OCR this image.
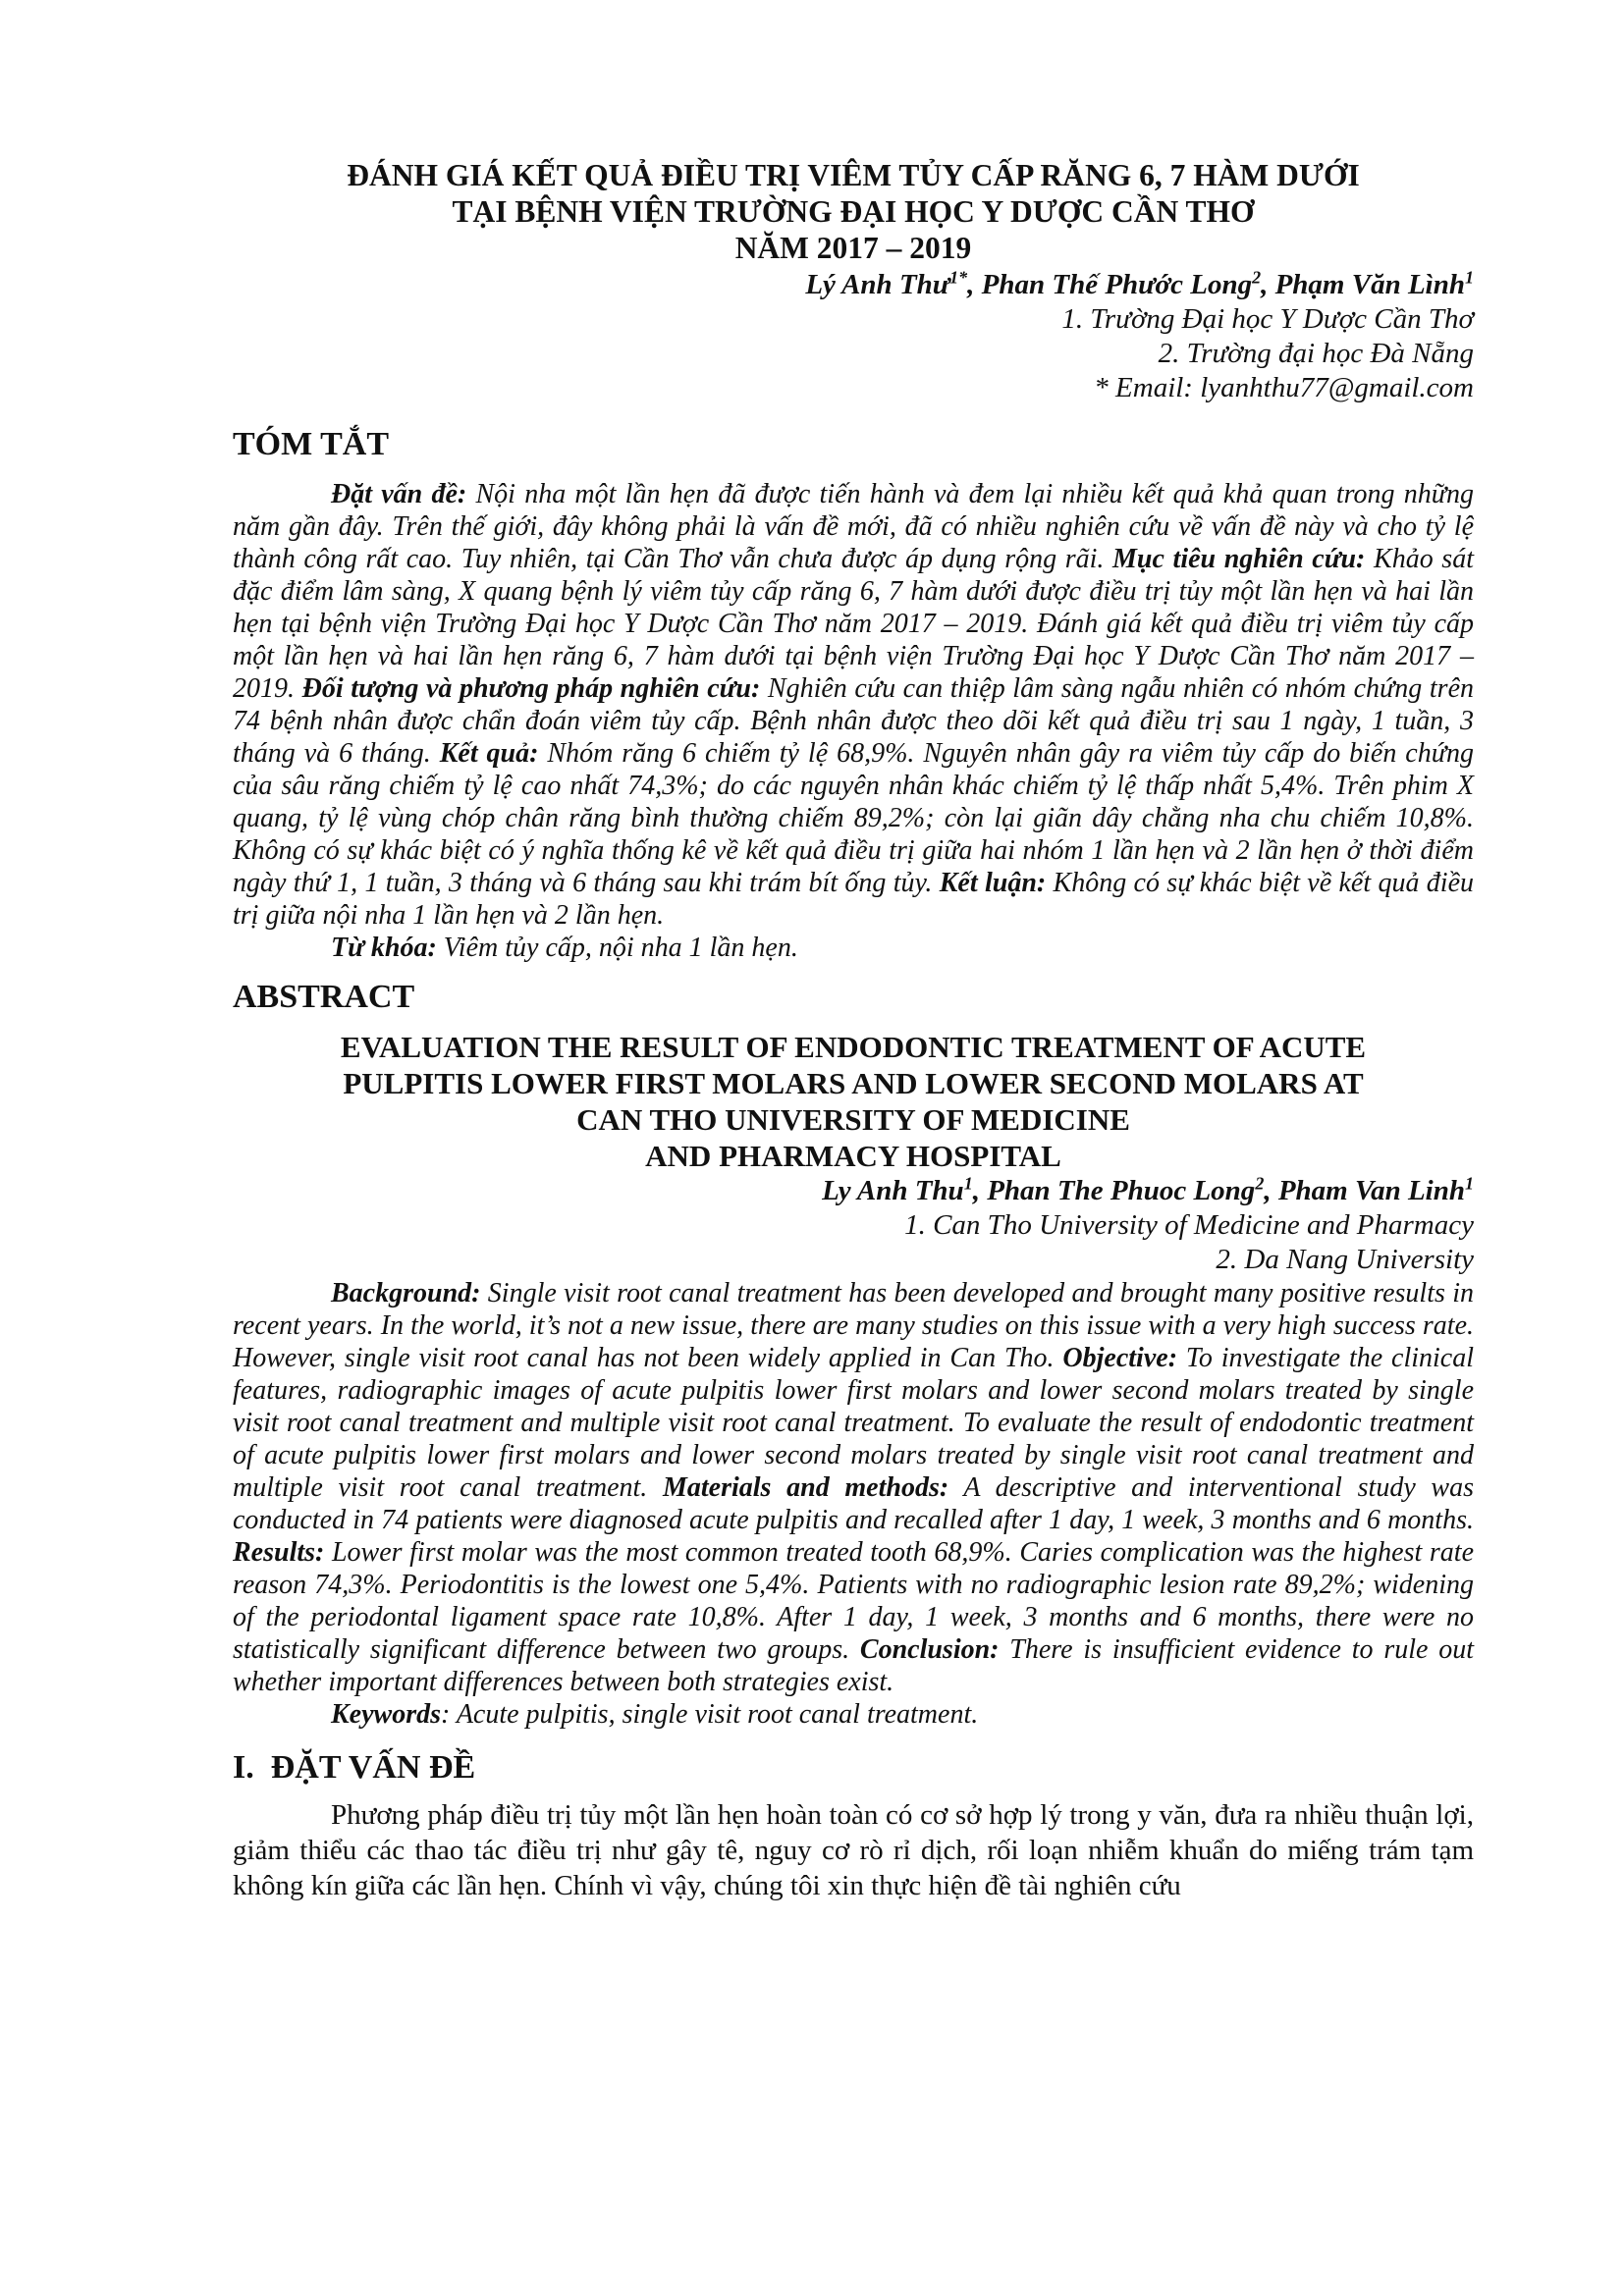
ĐÁNH GIÁ KẾT QUẢ ĐIỀU TRỊ VIÊM TỦY CẤP RĂNG 6, 7 HÀM DƯỚI
TẠI BỆNH VIỆN TRƯỜNG ĐẠI HỌC Y DƯỢC CẦN THƠ
NĂM 2017 – 2019

Lý Anh Thư$^{1*}$, Phan Thế Phước Long$^2$, Phạm Văn Lình$^1$

1. Trường Đại học Y Dược Cần Thơ

2. Trường đại học Đà Nẵng

* Email: lyanhthu77@gmail.com

TÓM TẮT

Đặt vấn đề: Nội nha một lần hẹn đã được tiến hành và đem lại nhiều kết quả khả quan trong những năm gần đây. Trên thế giới, đây không phải là vấn đề mới, đã có nhiều nghiên cứu về vấn đề này và cho tỷ lệ thành công rất cao. Tuy nhiên, tại Cần Thơ vẫn chưa được áp dụng rộng rãi. Mục tiêu nghiên cứu: Khảo sát đặc điểm lâm sàng, X quang bệnh lý viêm tủy cấp răng 6, 7 hàm dưới được điều trị tủy một lần hẹn và hai lần hẹn tại bệnh viện Trường Đại học Y Dược Cần Thơ năm 2017 – 2019. Đánh giá kết quả điều trị viêm tủy cấp một lần hẹn và hai lần hẹn răng 6, 7 hàm dưới tại bệnh viện Trường Đại học Y Dược Cần Thơ năm 2017 – 2019. Đối tượng và phương pháp nghiên cứu: Nghiên cứu can thiệp lâm sàng ngẫu nhiên có nhóm chứng trên 74 bệnh nhân được chẩn đoán viêm tủy cấp. Bệnh nhân được theo dõi kết quả điều trị sau 1 ngày, 1 tuần, 3 tháng và 6 tháng. Kết quả: Nhóm răng 6 chiếm tỷ lệ 68,9%. Nguyên nhân gây ra viêm tủy cấp do biến chứng của sâu răng chiếm tỷ lệ cao nhất 74,3%; do các nguyên nhân khác chiếm tỷ lệ thấp nhất 5,4%. Trên phim X quang, tỷ lệ vùng chóp chân răng bình thường chiếm 89,2%; còn lại giãn dây chằng nha chu chiếm 10,8%. Không có sự khác biệt có ý nghĩa thống kê về kết quả điều trị giữa hai nhóm 1 lần hẹn và 2 lần hẹn ở thời điểm ngày thứ 1, 1 tuần, 3 tháng và 6 tháng sau khi trám bít ống tủy. Kết luận: Không có sự khác biệt về kết quả điều trị giữa nội nha 1 lần hẹn và 2 lần hẹn.

Từ khóa: Viêm tủy cấp, nội nha 1 lần hẹn.

ABSTRACT
EVALUATION THE RESULT OF ENDODONTIC TREATMENT OF ACUTE
PULPITIS LOWER FIRST MOLARS AND LOWER SECOND MOLARS AT
CAN THO UNIVERSITY OF MEDICINE
AND PHARMACY HOSPITAL

Ly Anh Thu$^1$, Phan The Phuoc Long$^2$, Pham Van Linh$^1$

1. Can Tho University of Medicine and Pharmacy

2. Da Nang University

Background: Single visit root canal treatment has been developed and brought many positive results in recent years. In the world, it’s not a new issue, there are many studies on this issue with a very high success rate. However, single visit root canal has not been widely applied in Can Tho. Objective: To investigate the clinical features, radiographic images of acute pulpitis lower first molars and lower second molars treated by single visit root canal treatment and multiple visit root canal treatment. To evaluate the result of endodontic treatment of acute pulpitis lower first molars and lower second molars treated by single visit root canal treatment and multiple visit root canal treatment. Materials and methods: A descriptive and interventional study was conducted in 74 patients were diagnosed acute pulpitis and recalled after 1 day, 1 week, 3 months and 6 months. Results: Lower first molar was the most common treated tooth 68,9%. Caries complication was the highest rate reason 74,3%. Periodontitis is the lowest one 5,4%. Patients with no radiographic lesion rate 89,2%; widening of the periodontal ligament space rate 10,8%. After 1 day, 1 week, 3 months and 6 months, there were no statistically significant difference between two groups. Conclusion: There is insufficient evidence to rule out whether important differences between both strategies exist.

Keywords: Acute pulpitis, single visit root canal treatment.

I.  ĐẶT VẤN ĐỀ

Phương pháp điều trị tủy một lần hẹn hoàn toàn có cơ sở hợp lý trong y văn, đưa ra nhiều thuận lợi, giảm thiểu các thao tác điều trị như gây tê, nguy cơ rò rỉ dịch, rối loạn nhiễm khuẩn do miếng trám tạm không kín giữa các lần hẹn. Chính vì vậy, chúng tôi xin thực hiện đề tài nghiên cứu
